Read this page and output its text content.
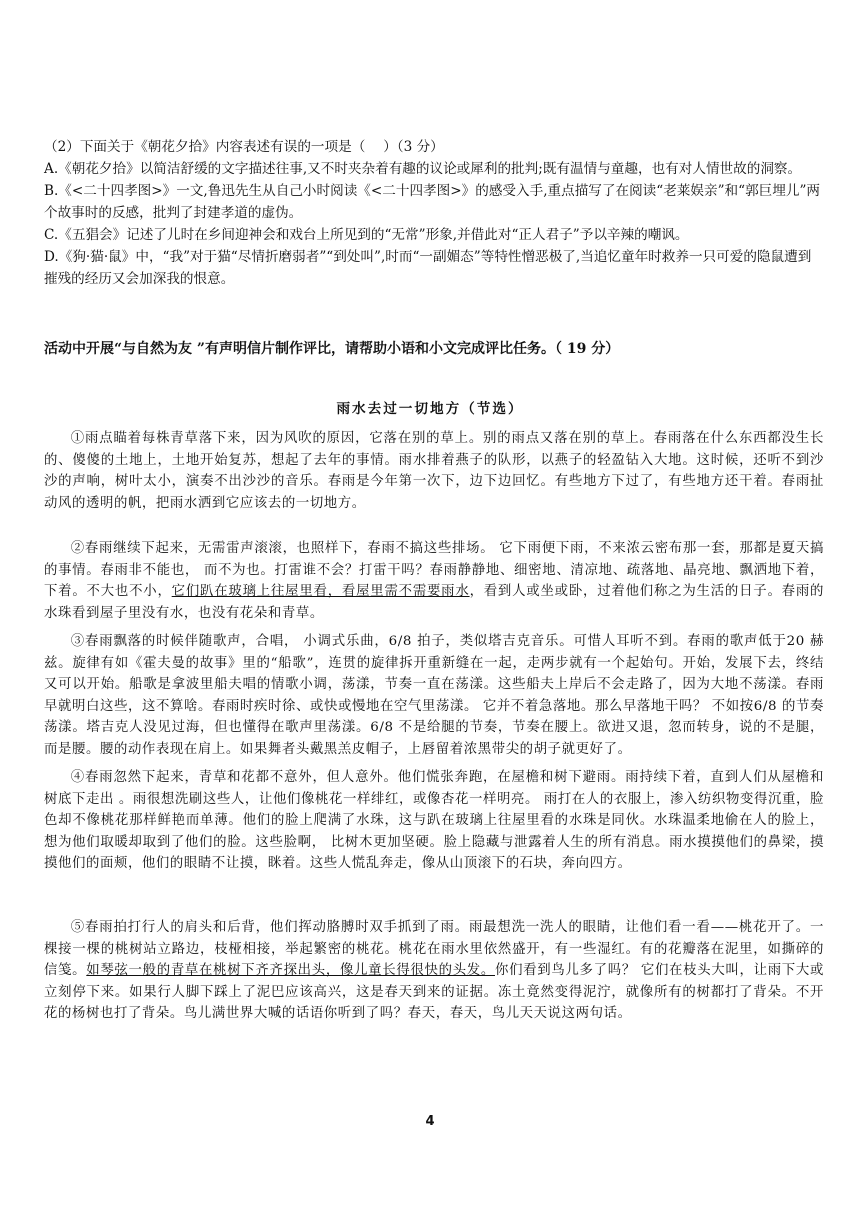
（2）下面关于《朝花夕拾》内容表述有误的一项是（　 ）（3 分）

A.《朝花夕拾》以简洁舒缓的文字描述往事,又不时夹杂着有趣的议论或犀利的批判;既有温情与童趣，也有对人情世故的洞察。

B.《<二十四孝图>》一文,鲁迅先生从自己小时阅读《<二十四孝图>》的感受入手,重点描写了在阅读“老莱娱亲”和“郭巨埋儿”两个故事时的反感，批判了封建孝道的虚伪。

C.《五猖会》记述了儿时在乡间迎神会和戏台上所见到的“无常”形象,并借此对“正人君子”予以辛辣的嘲讽。

D.《狗·猫·鼠》中，“我”对于猫“尽情折磨弱者”“到处叫”,时而“一副媚态”等特性憎恶极了,当追忆童年时救养一只可爱的隐鼠遭到摧残的经历又会加深我的恨意。

活动中开展“与自然为友 ”有声明信片制作评比，请帮助小语和小文完成评比任务。（ 19 分）
雨水去过一切地方（节选）

①雨点瞄着每株青草落下来，因为风吹的原因，它落在别的草上。别的雨点又落在别的草上。春雨落在什么东西都没生长的、傻傻的土地上，土地开始复苏，想起了去年的事情。雨水排着燕子的队形，以燕子的轻盈钻入大地。这时候，还听不到沙沙的声响，树叶太小，演奏不出沙沙的音乐。春雨是今年第一次下，边下边回忆。有些地方下过了，有些地方还干着。春雨扯动风的透明的帆，把雨水洒到它应该去的一切地方。

②春雨继续下起来，无需雷声滚滚，也照样下，春雨不搞这些排场。 它下雨便下雨，不来浓云密布那一套，那都是夏天搞的事情。春雨非不能也， 而不为也。打雷谁不会？打雷干吗？春雨静静地、细密地、清凉地、疏落地、晶亮地、飘洒地下着，下着。不大也不小，它们趴在玻璃上往屋里看，看屋里需不需要雨水，看到人或坐或卧，过着他们称之为生活的日子。春雨的水珠看到屋子里没有水，也没有花朵和青草。

③春雨飘落的时候伴随歌声，合唱， 小调式乐曲，6/8 拍子，类似塔吉克音乐。可惜人耳听不到。春雨的歌声低于20 赫兹。旋律有如《霍夫曼的故事》里的“船歌”，连贯的旋律拆开重新缝在一起，走两步就有一个起始句。开始，发展下去，终结又可以开始。船歌是拿波里船夫唱的情歌小调，荡漾，节奏一直在荡漾。这些船夫上岸后不会走路了，因为大地不荡漾。春雨早就明白这些，这不算啥。春雨时疾时徐、或快或慢地在空气里荡漾。 它并不着急落地。那么早落地干吗？ 不如按6/8 的节奏荡漾。塔吉克人没见过海，但也懂得在歌声里荡漾。6/8 不是给腿的节奏，节奏在腰上。欲进又退，忽而转身，说的不是腿，而是腰。腰的动作表现在肩上。如果舞者头戴黑羔皮帽子，上唇留着浓黑带尖的胡子就更好了。

④春雨忽然下起来，青草和花都不意外，但人意外。他们慌张奔跑，在屋檐和树下避雨。雨持续下着，直到人们从屋檐和树底下走出 。雨很想洗刷这些人，让他们像桃花一样绯红，或像杏花一样明亮。 雨打在人的衣服上，渗入纺织物变得沉重，脸色却不像桃花那样鲜艳而单薄。他们的脸上爬满了水珠，这与趴在玻璃上往屋里看的水珠是同伙。水珠温柔地偷在人的脸上， 想为他们取暖却取到了他们的脸。这些脸啊， 比树木更加坚硬。脸上隐藏与泄露着人生的所有消息。雨水摸摸他们的鼻梁，摸摸他们的面颊，他们的眼睛不让摸，眯着。这些人慌乱奔走，像从山顶滚下的石块，奔向四方。

⑤春雨拍打行人的肩头和后背，他们挥动胳膊时双手抓到了雨。雨最想洗一洗人的眼睛，让他们看一看——桃花开了。一棵接一棵的桃树站立路边，枝桠相接，举起繁密的桃花。桃花在雨水里依然盛开，有一些湿红。有的花瓣落在泥里，如撕碎的信笺。如琴弦一般的青草在桃树下齐齐探出头，像儿童长得很快的头发。你们看到鸟儿多了吗？ 它们在枝头大叫，让雨下大或立刻停下来。如果行人脚下踩上了泥巴应该高兴，这是春天到来的证据。冻土竟然变得泥泞，就像所有的树都打了背朵。不开花的杨树也打了背朵。鸟儿满世界大喊的话语你听到了吗？春天，春天，鸟儿天天说这两句话。

4
